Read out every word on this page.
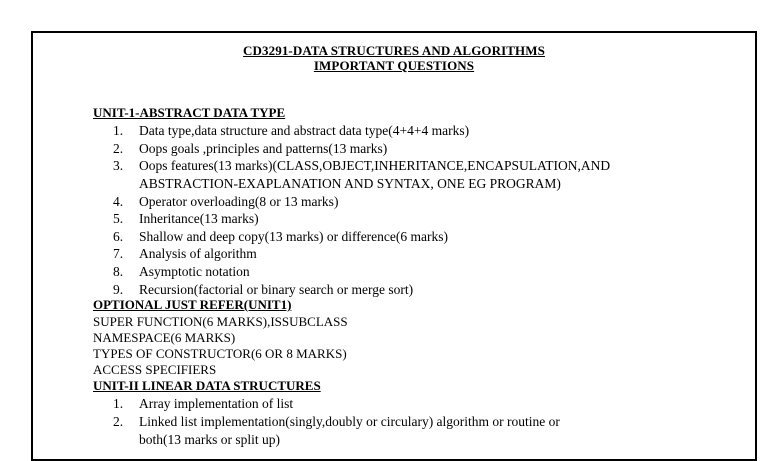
CD3291-DATA STRUCTURES AND ALGORITHMS
IMPORTANT QUESTIONS
UNIT-1-ABSTRACT DATA TYPE
1. Data type,data structure and abstract data type(4+4+4 marks)
2. Oops goals ,principles and patterns(13 marks)
3. Oops features(13 marks)(CLASS,OBJECT,INHERITANCE,ENCAPSULATION,AND
ABSTRACTION-EXAPLANATION AND SYNTAX, ONE EG PROGRAM)
4. Operator overloading(8 or 13 marks)
5. Inheritance(13 marks)
6. Shallow and deep copy(13 marks) or difference(6 marks)
7. Analysis of algorithm
8. Asymptotic notation
9. Recursion(factorial or binary search or merge sort)
OPTIONAL JUST REFER(UNIT1)
SUPER FUNCTION(6 MARKS),ISSUBCLASS
NAMESPACE(6 MARKS)
TYPES OF CONSTRUCTOR(6 OR 8 MARKS)
ACCESS SPECIFIERS
UNIT-II LINEAR DATA STRUCTURES
1. Array implementation of list
2. Linked list implementation(singly,doubly or circulary) algorithm or routine or
both(13 marks or split up)
